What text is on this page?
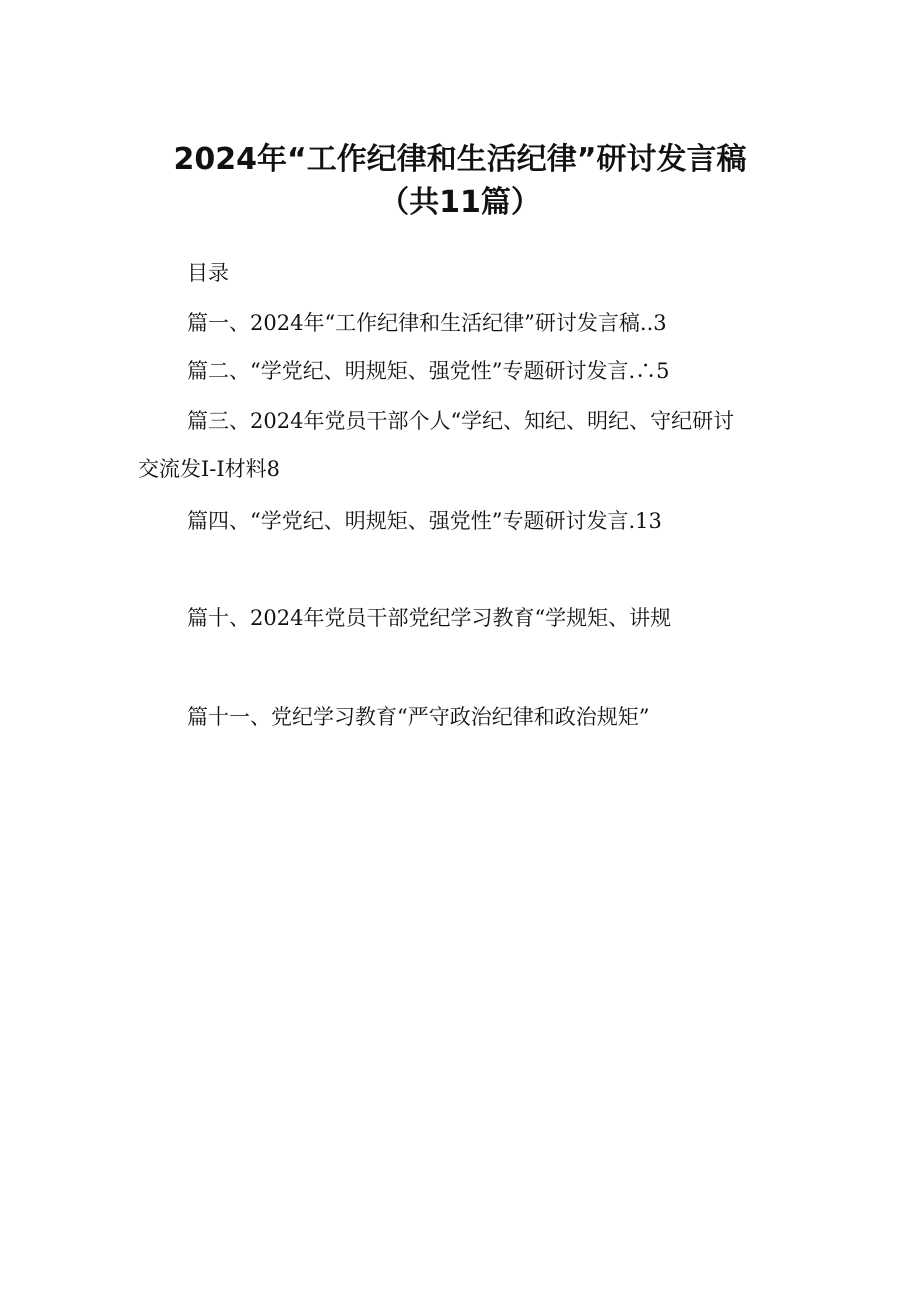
2024年“工作纪律和生活纪律”研讨发言稿
（共11篇）
目录
篇一、2024年“工作纪律和生活纪律”研讨发言稿..3
篇二、“学党纪、明规矩、强党性”专题研讨发言.∴5
篇三、2024年党员干部个人“学纪、知纪、明纪、守纪研讨
交流发I-I材料8
篇四、“学党纪、明规矩、强党性”专题研讨发言.13
篇十、2024年党员干部党纪学习教育“学规矩、讲规
篇十一、党纪学习教育“严守政治纪律和政治规矩”
